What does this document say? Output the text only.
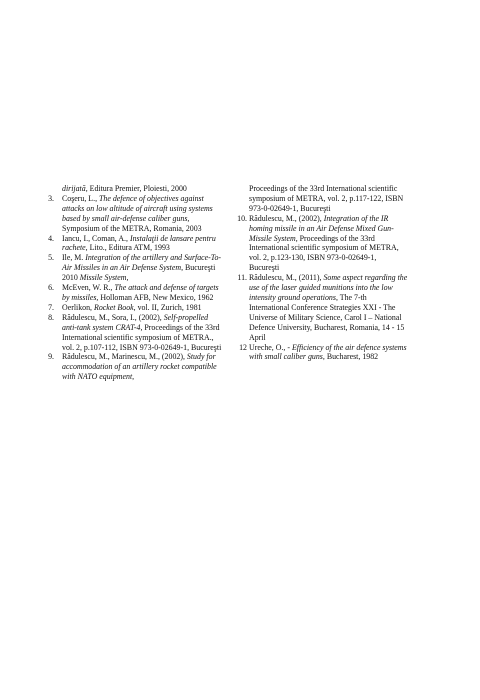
dirijată, Editura Premier, Ploiesti, 2000

3. Coşeru, L., The defence of objectives against attacks on low altitude of aircraft using systems based by small air-defense caliber guns, Symposium of the METRA, Romania, 2003

4. Iancu, I., Coman, A., Instalaţii de lansare pentru rachete, Lito., Editura ATM, 1993

5. Ile, M. Integration of the artillery and Surface-To-Air Missiles in an Air Defense System, Bucureşti 2010 Missile System,

6. McEven, W. R., The attack and defense of targets by missiles, Holloman AFB, New Mexico, 1962

7. Oerlikon, Rocket Book, vol. II, Zurich, 1981

8. Rădulescu, M., Sora, I., (2002), Self-propelled anti-tank system CRAT-4, Proceedings of the 33rd International scientific symposium of METRA., vol. 2, p.107-112, ISBN 973-0-02649-1, Bucureşti

9. Rădulescu, M., Marinescu, M., (2002), Study for accommodation of an artillery rocket compatible with NATO equipment,

Proceedings of the 33rd International scientific symposium of METRA, vol. 2, p.117-122, ISBN 973-0-02649-1, Bucureşti

10. Rădulescu, M., (2002), Integration of the IR homing missile in an Air Defense Mixed Gun-Missile System, Proceedings of the 33rd International scientific symposium of METRA, vol. 2, p.123-130, ISBN 973-0-02649-1, Bucureşti

11. Rădulescu, M., (2011), Some aspect regarding the use of the laser guided munitions into the low intensity ground operations, The 7-th International Conference Strategies XXI - The Universe of Military Science, Carol I – National Defence University, Bucharest, Romania, 14 - 15 April

12 Ureche, O., - Efficiency of the air defence systems with small caliber guns, Bucharest, 1982
